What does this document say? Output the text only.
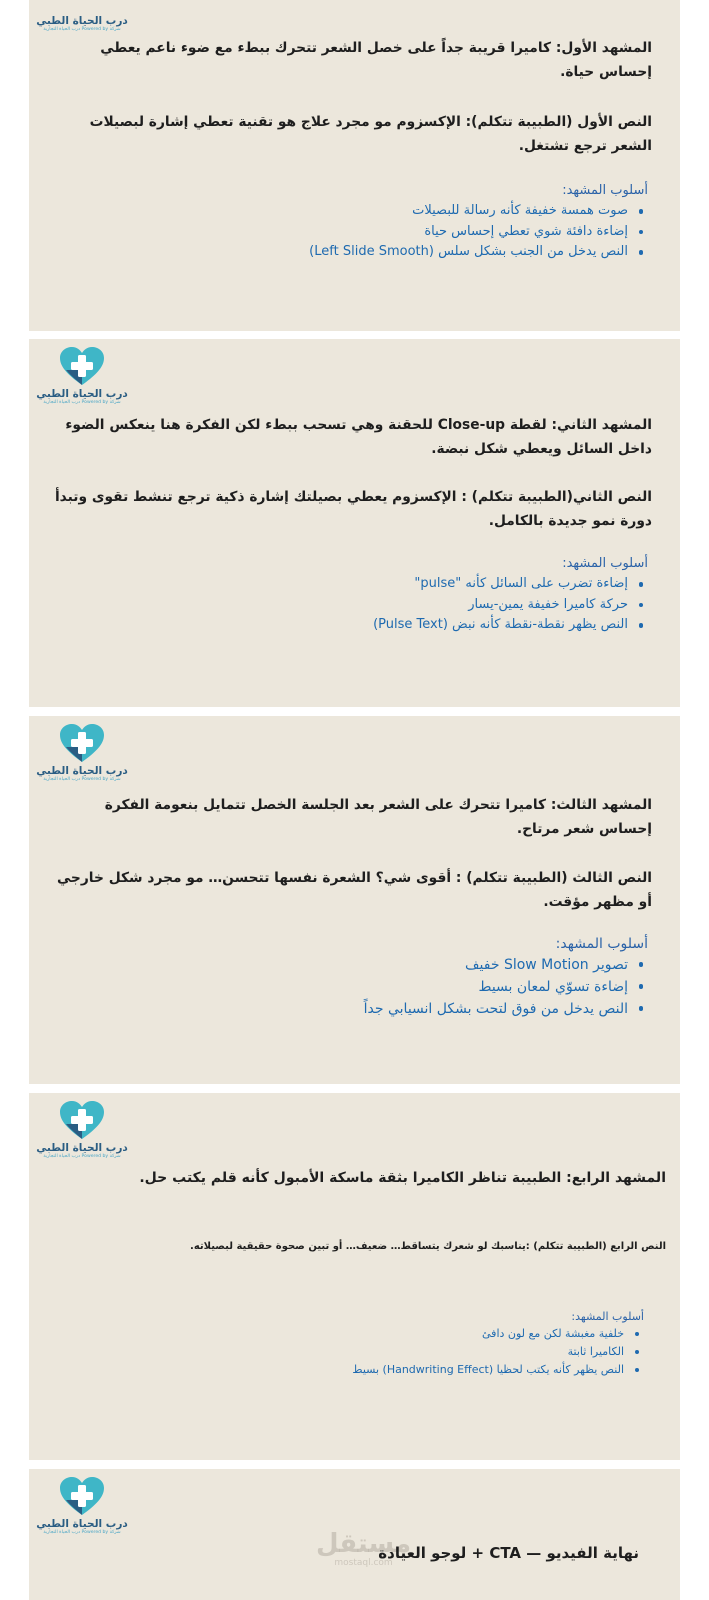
درب الحياة الطبي
شركة Powered by درب الحياة التجارية
المشهد الأول: كاميرا قريبة جداً على خصل الشعر تتحرك ببطء مع ضوء ناعم يعطي إحساس حياة.
النص الأول (الطبيبة تتكلم): الإكسزوم مو مجرد علاج هو تقنية تعطي إشارة لبصيلات الشعر ترجع تشتغل.
أسلوب المشهد:
صوت همسة خفيفة كأنه رسالة للبصيلات
إضاءة دافئة شوي تعطي إحساس حياة
النص يدخل من الجنب بشكل سلس (Left Slide Smooth)
درب الحياة الطبي
شركة Powered by درب الحياة التجارية
المشهد الثاني: لقطة Close-up للحقنة وهي تسحب ببطء لكن الفكرة هنا ينعكس الضوء داخل السائل ويعطي شكل نبضة.
النص الثاني(الطبيبة تتكلم) : الإكسزوم يعطي بصيلتك إشارة ذكية ترجع تنشط تقوى وتبدأ دورة نمو جديدة بالكامل.
أسلوب المشهد:
إضاءة تضرب على السائل كأنه "pulse"
حركة كاميرا خفيفة يمين-يسار
النص يظهر نقطة-نقطة كأنه نبض (Pulse Text)
درب الحياة الطبي
شركة Powered by درب الحياة التجارية
المشهد الثالث: كاميرا تتحرك على الشعر بعد الجلسة الخصل تتمايل بنعومة الفكرة إحساس شعر مرتاح.
النص الثالث (الطبيبة تتكلم) : أقوى شي؟ الشعرة نفسها تتحسن… مو مجرد شكل خارجي أو مظهر مؤقت.
أسلوب المشهد:
تصوير Slow Motion خفيف
إضاءة تسوّي لمعان بسيط
النص يدخل من فوق لتحت بشكل انسيابي جداً
درب الحياة الطبي
شركة Powered by درب الحياة التجارية
المشهد الرابع: الطبيبة تناظر الكاميرا بثقة ماسكة الأمبول كأنه قلم يكتب حل.
النص الرابع (الطبيبة تتكلم) :يناسبك لو شعرك يتساقط… ضعيف… أو تبين صحوة حقيقية لبصيلاته.
أسلوب المشهد:
خلفية مغبشة لكن مع لون دافئ
الكاميرا ثابتة
النص يظهر كأنه يكتب لحظيا (Handwriting Effect) بسيط
درب الحياة الطبي
شركة Powered by درب الحياة التجارية	مستقل
mostaql.com
نهاية الفيديو — CTA + لوجو العيادة
